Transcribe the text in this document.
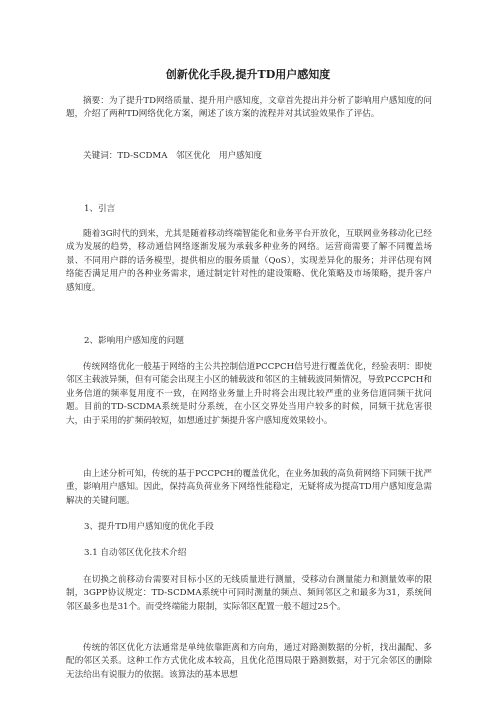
创新优化手段,提升TD用户感知度

摘要：为了提升TD网络质量、提升用户感知度，文章首先提出并分析了影响用户感知度的问题，介绍了两种TD网络优化方案，阐述了该方案的流程并对其试验效果作了评估。

关键词：TD-SCDMA　邻区优化　用户感知度

1、引言

随着3G时代的到来，尤其是随着移动终端智能化和业务平台开放化，互联网业务移动化已经成为发展的趋势，移动通信网络逐渐发展为承载多种业务的网络。运营商需要了解不同覆盖场景、不同用户群的话务模型，提供相应的服务质量（QoS），实现差异化的服务；并评估现有网络能否满足用户的各种业务需求，通过制定针对性的建设策略、优化策略及市场策略，提升客户感知度。

2、影响用户感知度的问题

传统网络优化一般基于网络的主公共控制信道PCCPCH信号进行覆盖优化，经验表明：即使邻区主载波异频，但有可能会出现主小区的辅载波和邻区的主辅载波同频情况，导致PCCPCH和业务信道的频率复用度不一致，在网络业务量上升时将会出现比较严重的业务信道同频干扰问题。目前的TD-SCDMA系统是时分系统，在小区交界处当用户较多的时候，同频干扰危害很大，由于采用的扩频码较短，如想通过扩频提升客户感知度效果较小。

由上述分析可知，传统的基于PCCPCH的覆盖优化，在业务加载的高负荷网络下同频干扰严重，影响用户感知。因此，保持高负荷业务下网络性能稳定，无疑将成为提高TD用户感知度急需解决的关键问题。

3、提升TD用户感知度的优化手段
3.1 自动邻区优化技术介绍

在切换之前移动台需要对目标小区的无线质量进行测量，受移动台测量能力和测量效率的限制，3GPP协议规定：TD-SCDMA系统中可同时测量的频点、频间邻区之和最多为31，系统间邻区最多也是31个。而受终端能力限制，实际邻区配置一般不超过25个。

传统的邻区优化方法通常是单纯依靠距离和方向角，通过对路测数据的分析，找出漏配、多配的邻区关系。这种工作方式优化成本较高，且优化范围局限于路测数据，对于冗余邻区的删除无法给出有说服力的依据。该算法的基本思想
